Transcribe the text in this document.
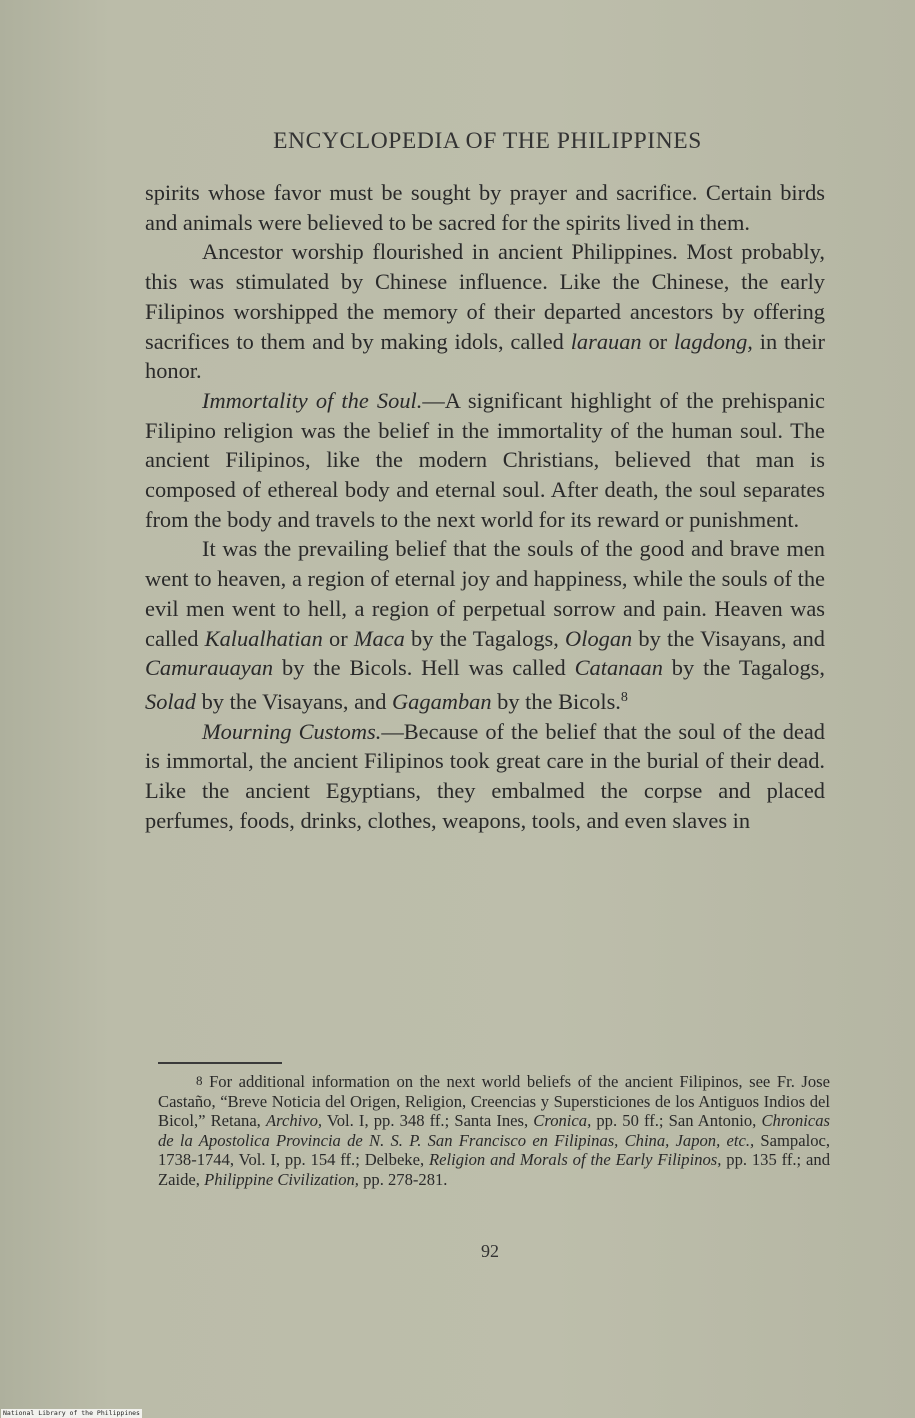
ENCYCLOPEDIA OF THE PHILIPPINES

spirits whose favor must be sought by prayer and sacrifice. Certain birds and animals were believed to be sacred for the spirits lived in them.

Ancestor worship flourished in ancient Philippines. Most probably, this was stimulated by Chinese influence. Like the Chinese, the early Filipinos worshipped the memory of their departed ancestors by offering sacrifices to them and by making idols, called larauan or lagdong, in their honor.

Immortality of the Soul.—A significant highlight of the prehispanic Filipino religion was the belief in the immortality of the human soul. The ancient Filipinos, like the modern Christians, believed that man is composed of ethereal body and eternal soul. After death, the soul separates from the body and travels to the next world for its reward or punishment.

It was the prevailing belief that the souls of the good and brave men went to heaven, a region of eternal joy and happiness, while the souls of the evil men went to hell, a region of perpetual sorrow and pain. Heaven was called Kalualhatian or Maca by the Tagalogs, Ologan by the Visayans, and Camurauayan by the Bicols. Hell was called Catanaan by the Tagalogs, Solad by the Visayans, and Gagamban by the Bicols.$^8$

Mourning Customs.—Because of the belief that the soul of the dead is immortal, the ancient Filipinos took great care in the burial of their dead. Like the ancient Egyptians, they embalmed the corpse and placed perfumes, foods, drinks, clothes, weapons, tools, and even slaves in

8 For additional information on the next world beliefs of the ancient Filipinos, see Fr. Jose Castaño, “Breve Noticia del Origen, Religion, Creencias y Supersticiones de los Antiguos Indios del Bicol,” Retana, Archivo, Vol. I, pp. 348 ff.; Santa Ines, Cronica, pp. 50 ff.; San Antonio, Chronicas de la Apostolica Provincia de N. S. P. San Francisco en Filipinas, China, Japon, etc., Sampaloc, 1738-1744, Vol. I, pp. 154 ff.; Delbeke, Religion and Morals of the Early Filipinos, pp. 135 ff.; and Zaide, Philippine Civilization, pp. 278-281.

92
National Library of the Philippines
